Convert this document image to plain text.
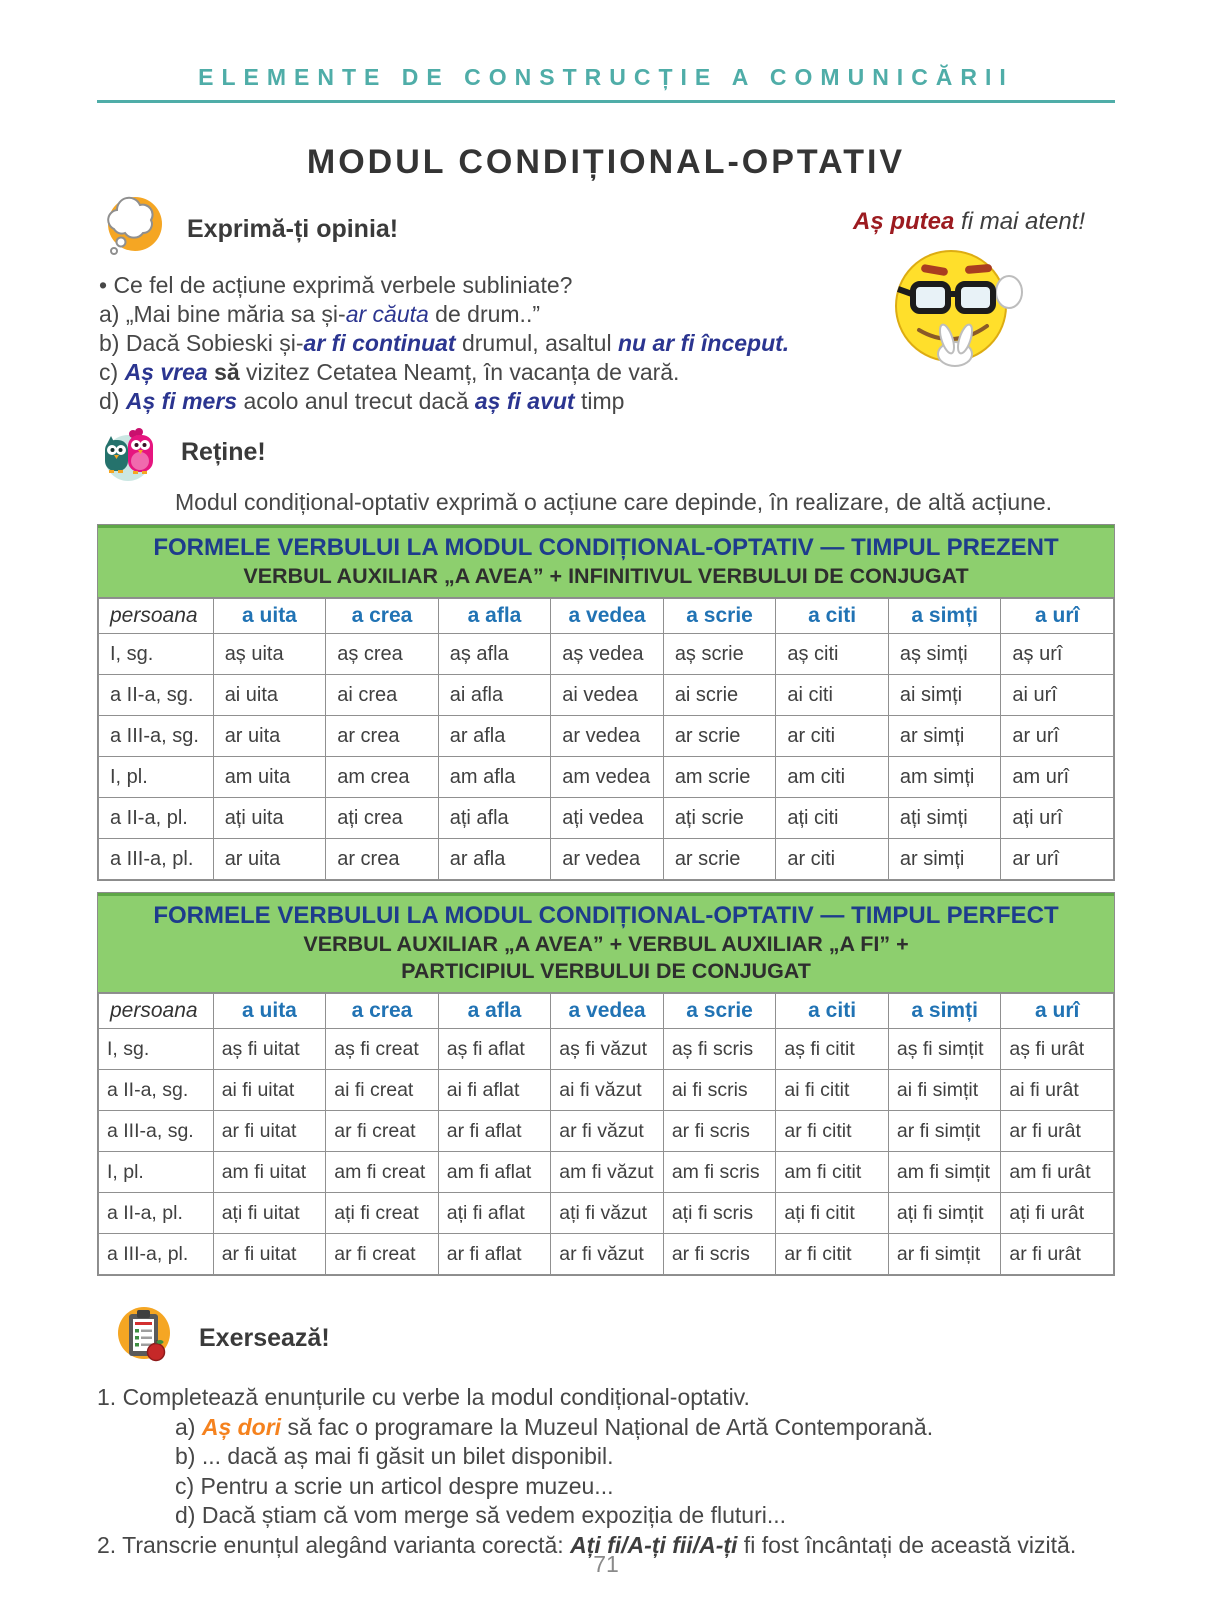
ELEMENTE DE CONSTRUCȚIE A COMUNICĂRII
MODUL CONDIȚIONAL-OPTATIV
Exprimă-ți opinia!
• Ce fel de acțiune exprimă verbele subliniate?
a) „Mai bine măria sa și-ar căuta de drum..”
b) Dacă Sobieski și-ar fi continuat drumul, asaltul nu ar fi început.
c) Aș vrea să vizitez Cetatea Neamț, în vacanța de vară.
d) Aș fi mers acolo anul trecut dacă aș fi avut timp
Aș putea fi mai atent!
Reține!
Modul condițional-optativ exprimă o acțiune care depinde, în realizare, de altă acțiune.
FORMELE VERBULUI LA MODUL CONDIȚIONAL-OPTATIV — TIMPUL PREZENT
VERBUL AUXILIAR „A AVEA” + INFINITIVUL VERBULUI DE CONJUGAT
persoana	a uita	a crea	a afla	a vedea	a scrie	a citi	a simți	a urî
I, sg.	aș uita	aș crea	aș afla	aș vedea	aș scrie	aș citi	aș simți	aș urî
a II-a, sg.	ai uita	ai crea	ai afla	ai vedea	ai scrie	ai citi	ai simți	ai urî
a III-a, sg.	ar uita	ar crea	ar afla	ar vedea	ar scrie	ar citi	ar simți	ar urî
I, pl.	am uita	am crea	am afla	am vedea	am scrie	am citi	am simți	am urî
a II-a, pl.	ați uita	ați crea	ați afla	ați vedea	ați scrie	ați citi	ați simți	ați urî
a III-a, pl.	ar uita	ar crea	ar afla	ar vedea	ar scrie	ar citi	ar simți	ar urî
FORMELE VERBULUI LA MODUL CONDIȚIONAL-OPTATIV — TIMPUL PERFECT
VERBUL AUXILIAR „A AVEA” + VERBUL AUXILIAR „A FI” +
PARTICIPIUL VERBULUI DE CONJUGAT
persoana	a uita	a crea	a afla	a vedea	a scrie	a citi	a simți	a urî
I, sg.	aș fi uitat	aș fi creat	aș fi aflat	aș fi văzut	aș fi scris	aș fi citit	aș fi simțit	aș fi urât
a II-a, sg.	ai fi uitat	ai fi creat	ai fi aflat	ai fi văzut	ai fi scris	ai fi citit	ai fi simțit	ai fi urât
a III-a, sg.	ar fi uitat	ar fi creat	ar fi aflat	ar fi văzut	ar fi scris	ar fi citit	ar fi simțit	ar fi urât
I, pl.	am fi uitat	am fi creat	am fi aflat	am fi văzut	am fi scris	am fi citit	am fi simțit	am fi urât
a II-a, pl.	ați fi uitat	ați fi creat	ați fi aflat	ați fi văzut	ați fi scris	ați fi citit	ați fi simțit	ați fi urât
a III-a, pl.	ar fi uitat	ar fi creat	ar fi aflat	ar fi văzut	ar fi scris	ar fi citit	ar fi simțit	ar fi urât
Exersează!
1. Completează enunțurile cu verbe la modul condițional-optativ.
a) Aș dori să fac o programare la Muzeul Național de Artă Contemporană.
b) ... dacă aș mai fi găsit un bilet disponibil.
c) Pentru a scrie un articol despre muzeu...
d) Dacă știam că vom merge să vedem expoziția de fluturi...
2. Transcrie enunțul alegând varianta corectă: Ați fi/A-ți fii/A-ți fi fost încântați de această vizită.
71
